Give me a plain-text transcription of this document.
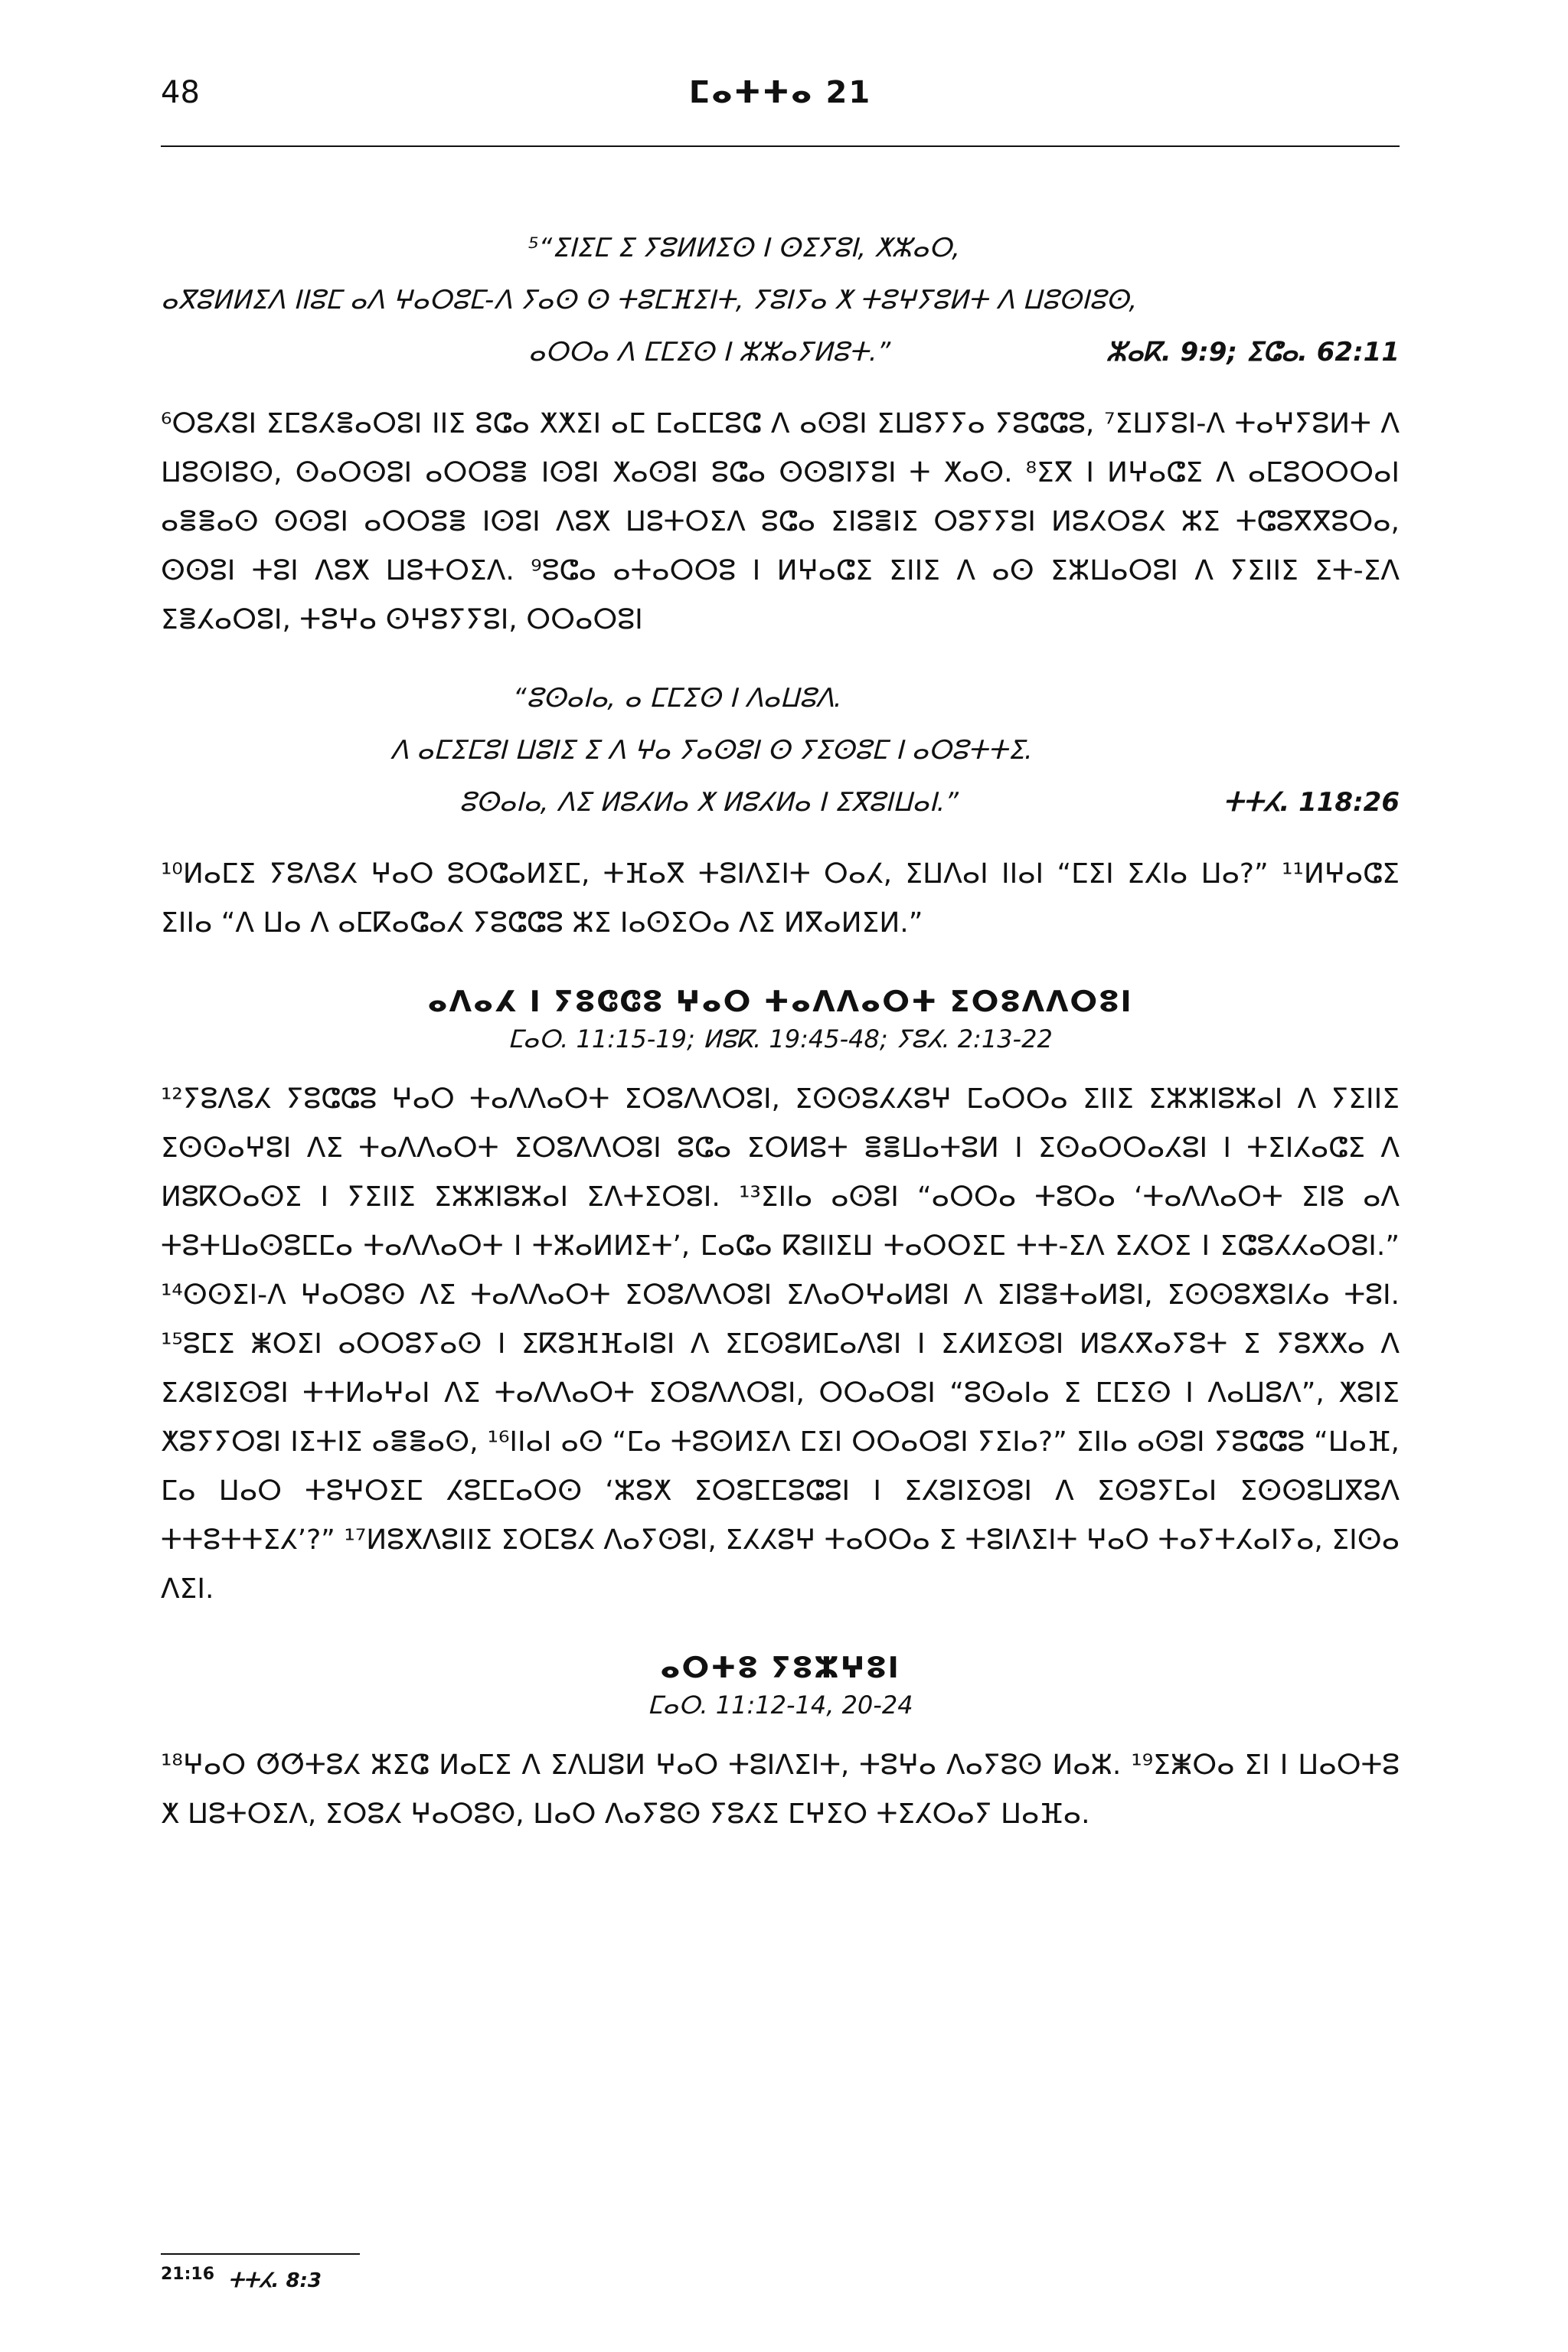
48	ⵎⴰⵜⵜⴰ 21
⁵“ⵉⵏⵉⵎ ⵉ ⵢⵓⵍⵍⵉⵙ ⵏ ⵙⵉⵢⵓⵏ, ⵅⵣⴰⵔ,
ⴰⴳⵓⵍⵍⵉⴷ ⵏⵏⵓⵎ ⴰⴷ ⵖⴰⵔⵓⵎ-ⴷ ⵢⴰⵙ ⵙ ⵜⵓⵎⴼⵉⵏⵜ, ⵢⵓⵏⵢⴰ ⵅ ⵜⵓⵖⵢⵓⵍⵜ ⴷ ⵡⵓⵙⵏⵓⵙ,
ⴰⵔⵔⴰ ⴷ ⵎⵎⵉⵙ ⵏ ⵣⵣⴰⵢⵍⵓⵜ.”	ⵣⴰⴽ. 9:9; ⵉⵛⴰ. 62:11

⁶ⵔⵓⵃⵓⵏ ⵉⵎⵓⵃⴻⴰⵔⵓⵏ ⵏⵏⵉ ⵓⵛⴰ ⵅⵅⵉⵏ ⴰⵎ ⵎⴰⵎⵎⵓⵛ ⴷ ⴰⵙⵓⵏ ⵉⵡⵓⵢⵢⴰ ⵢⵓⵛⵛⵓ, ⁷ⵉⵡⵢⵓⵏ-ⴷ ⵜⴰⵖⵢⵓⵍⵜ ⴷ ⵡⵓⵙⵏⵓⵙ, ⵙⴰⵔⵙⵓⵏ ⴰⵔⵔⵓⴻ ⵏⵙⵓⵏ ⵅⴰⵙⵓⵏ ⵓⵛⴰ ⵙⵙⵓⵏⵢⵓⵏ ⵜ ⵅⴰⵙ. ⁸ⵉⴳ ⵏ ⵍⵖⴰⵛⵉ ⴷ ⴰⵎⵓⵔⵔⵔⴰⵏ ⴰⴻⴻⴰⵙ ⵙⵙⵓⵏ ⴰⵔⵔⵓⴻ ⵏⵙⵓⵏ ⴷⵓⵅ ⵡⵓⵜⵔⵉⴷ ⵓⵛⴰ ⵉⵏⵓⴻⵏⵉ ⵔⵓⵢⵢⵓⵏ ⵍⵓⵃⵔⵓⵃ ⵣⵉ ⵜⵛⵓⴳⴳⵓⵔⴰ, ⵙⵙⵓⵏ ⵜⵓⵏ ⴷⵓⵅ ⵡⵓⵜⵔⵉⴷ. ⁹ⵓⵛⴰ ⴰⵜⴰⵔⵔⵓ ⵏ ⵍⵖⴰⵛⵉ ⵉⵏⵏⵉ ⴷ ⴰⵙ ⵉⵣⵡⴰⵔⵓⵏ ⴷ ⵢⵉⵏⵏⵉ ⵉⵜ-ⵉⴷ ⵉⴻⵃⴰⵔⵓⵏ, ⵜⵓⵖⴰ ⵙⵖⵓⵢⵢⵓⵏ, ⵔⵔⴰⵔⵓⵏ

“ⵓⵙⴰⵏⴰ, ⴰ ⵎⵎⵉⵙ ⵏ ⴷⴰⵡⵓⴷ.
ⴷ ⴰⵎⵉⵎⵓⵏ ⵡⵓⵏⵉ ⵉ ⴷ ⵖⴰ ⵢⴰⵙⵓⵏ ⵙ ⵢⵉⵙⵓⵎ ⵏ ⴰⵔⵓⵜⵜⵉ.
ⵓⵙⴰⵏⴰ, ⴷⵉ ⵍⵓⵃⵍⴰ ⵅ ⵍⵓⵃⵍⴰ ⵏ ⵉⴳⵓⵏⵡⴰⵏ.”	ⵜⵜⵃ. 118:26

¹⁰ⵍⴰⵎⵉ ⵢⵓⴷⵓⵃ ⵖⴰⵔ ⵓⵔⵛⴰⵍⵉⵎ, ⵜⴼⴰⴳ ⵜⵓⵏⴷⵉⵏⵜ ⵔⴰⵃ, ⵉⵡⴷⴰⵏ ⵏⵏⴰⵏ “ⵎⵉⵏ ⵉⵃⵏⴰ ⵡⴰ?” ¹¹ⵍⵖⴰⵛⵉ ⵉⵏⵏⴰ “ⴷ ⵡⴰ ⴷ ⴰⵎⴽⴰⵛⴰⵃ ⵢⵓⵛⵛⵓ ⵣⵉ ⵏⴰⵙⵉⵔⴰ ⴷⵉ ⵍⴳⴰⵍⵉⵍ.”

ⴰⴷⴰⵃ ⵏ ⵢⵓⵛⵛⵓ ⵖⴰⵔ ⵜⴰⴷⴷⴰⵔⵜ ⵉⵔⵓⴷⴷⵔⵓⵏ
ⵎⴰⵔ. 11:15-19; ⵍⵓⴽ. 19:45-48; ⵢⵓⵃ. 2:13-22

¹²ⵢⵓⴷⵓⵃ ⵢⵓⵛⵛⵓ ⵖⴰⵔ ⵜⴰⴷⴷⴰⵔⵜ ⵉⵔⵓⴷⴷⵔⵓⵏ, ⵉⵙⵙⵓⵃⵃⵓⵖ ⵎⴰⵔⵔⴰ ⵉⵏⵏⵉ ⵉⵣⵣⵏⵓⵣⴰⵏ ⴷ ⵢⵉⵏⵏⵉ ⵉⵙⵙⴰⵖⵓⵏ ⴷⵉ ⵜⴰⴷⴷⴰⵔⵜ ⵉⵔⵓⴷⴷⵔⵓⵏ ⵓⵛⴰ ⵉⵔⵍⵓⵜ ⴻⴻⵡⴰⵜⵓⵍ ⵏ ⵉⵙⴰⵔⵔⴰⵃⵓⵏ ⵏ ⵜⵉⵏⵃⴰⵛⵉ ⴷ ⵍⵓⴽⵔⴰⵙⵉ ⵏ ⵢⵉⵏⵏⵉ ⵉⵣⵣⵏⵓⵣⴰⵏ ⵉⴷⵜⵉⵔⵓⵏ. ¹³ⵉⵏⵏⴰ ⴰⵙⵓⵏ “ⴰⵔⵔⴰ ⵜⵓⵔⴰ ‘ⵜⴰⴷⴷⴰⵔⵜ ⵉⵏⵓ ⴰⴷ ⵜⵓⵜⵡⴰⵙⵓⵎⵎⴰ ⵜⴰⴷⴷⴰⵔⵜ ⵏ ⵜⵣⴰⵍⵍⵉⵜ’, ⵎⴰⵛⴰ ⴽⵓⵏⵏⵉⵡ ⵜⴰⵔⵔⵉⵎ ⵜⵜ-ⵉⴷ ⵉⵃⵔⵉ ⵏ ⵉⵛⵓⵃⵃⴰⵔⵓⵏ.” ¹⁴ⵙⵙⵉⵏ-ⴷ ⵖⴰⵔⵓⵙ ⴷⵉ ⵜⴰⴷⴷⴰⵔⵜ ⵉⵔⵓⴷⴷⵔⵓⵏ ⵉⴷⴰⵔⵖⴰⵍⵓⵏ ⴷ ⵉⵏⵓⴻⵜⴰⵍⵓⵏ, ⵉⵙⵙⵓⵅⵓⵏⵃⴰ ⵜⵓⵏ. ¹⁵ⵓⵎⵉ ⵥⵔⵉⵏ ⴰⵔⵔⵓⵢⴰⵙ ⵏ ⵉⴽⵓⴼⴼⴰⵏⵓⵏ ⴷ ⵉⵎⵙⵓⵍⵎⴰⴷⵓⵏ ⵏ ⵉⵃⵍⵉⵙⵓⵏ ⵍⵓⵃⴳⴰⵢⵓⵜ ⵉ ⵢⵓⵅⵅⴰ ⴷ ⵉⵃⵓⵏⵉⵙⵓⵏ ⵜⵜⵍⴰⵖⴰⵏ ⴷⵉ ⵜⴰⴷⴷⴰⵔⵜ ⵉⵔⵓⴷⴷⵔⵓⵏ, ⵔⵔⴰⵔⵓⵏ “ⵓⵙⴰⵏⴰ ⵉ ⵎⵎⵉⵙ ⵏ ⴷⴰⵡⵓⴷ”, ⵅⵓⵏⵉ ⵅⵓⵢⵢⵔⵓⵏ ⵏⵉⵜⵏⵉ ⴰⴻⴻⴰⵙ, ¹⁶ⵏⵏⴰⵏ ⴰⵙ “ⵎⴰ ⵜⵓⵙⵍⵉⴷ ⵎⵉⵏ ⵔⵔⴰⵔⵓⵏ ⵢⵉⵏⴰ?” ⵉⵏⵏⴰ ⴰⵙⵓⵏ ⵢⵓⵛⵛⵓ “ⵡⴰⴼ, ⵎⴰ ⵡⴰⵔ ⵜⵓⵖⵔⵉⵎ ⵃⵓⵎⵎⴰⵔⵙ ‘ⵣⵓⵅ ⵉⵔⵓⵎⵎⵓⵛⵓⵏ ⵏ ⵉⵃⵓⵏⵉⵙⵓⵏ ⴷ ⵉⵙⵓⵢⵎⴰⵏ ⵉⵙⵙⵓⵡⴳⵓⴷ ⵜⵜⵓⵜⵜⵉⵃ’?” ¹⁷ⵍⵓⵅⴷⵓⵏⵏⵉ ⵉⵔⵎⵓⵃ ⴷⴰⵢⵙⵓⵏ, ⵉⵃⵃⵓⵖ ⵜⴰⵔⵔⴰ ⵉ ⵜⵓⵏⴷⵉⵏⵜ ⵖⴰⵔ ⵜⴰⵢⵜⵃⴰⵏⵢⴰ, ⵉⵏⵙⴰ ⴷⵉⵏ.

ⴰⵔⵜⵓ ⵢⵓⵣⵖⵓⵏ
ⵎⴰⵔ. 11:12-14, 20-24

¹⁸ⵖⴰⵔ ⵚⵚⵜⵓⵃ ⵣⵉⵛ ⵍⴰⵎⵉ ⴷ ⵉⴷⵡⵓⵍ ⵖⴰⵔ ⵜⵓⵏⴷⵉⵏⵜ, ⵜⵓⵖⴰ ⴷⴰⵢⵓⵙ ⵍⴰⵣ. ¹⁹ⵉⵥⵔⴰ ⵉⵏ ⵏ ⵡⴰⵔⵜⵓ ⵅ ⵡⵓⵜⵔⵉⴷ, ⵉⵔⵓⵃ ⵖⴰⵔⵓⵙ, ⵡⴰⵔ ⴷⴰⵢⵓⵙ ⵢⵓⵃⵉ ⵎⵖⵉⵔ ⵜⵉⵃⵔⴰⵢ ⵡⴰⴼⴰ.

$^{21:16}$ ⵜⵜⵃ. 8:3
